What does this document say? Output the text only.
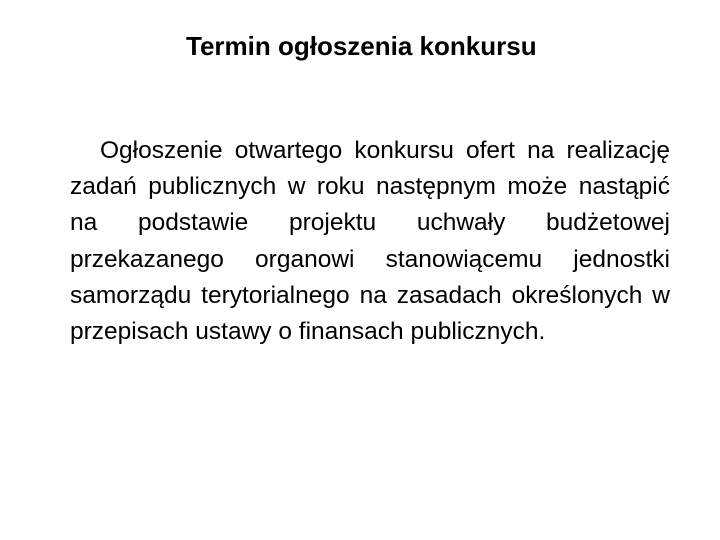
Termin ogłoszenia konkursu

Ogłoszenie otwartego konkursu ofert na realizację zadań publicznych w roku następnym może nastąpić na podstawie projektu uchwały budżetowej przekazanego organowi stanowiącemu jednostki samorządu terytorialnego na zasadach określonych w przepisach ustawy o finansach publicznych.
